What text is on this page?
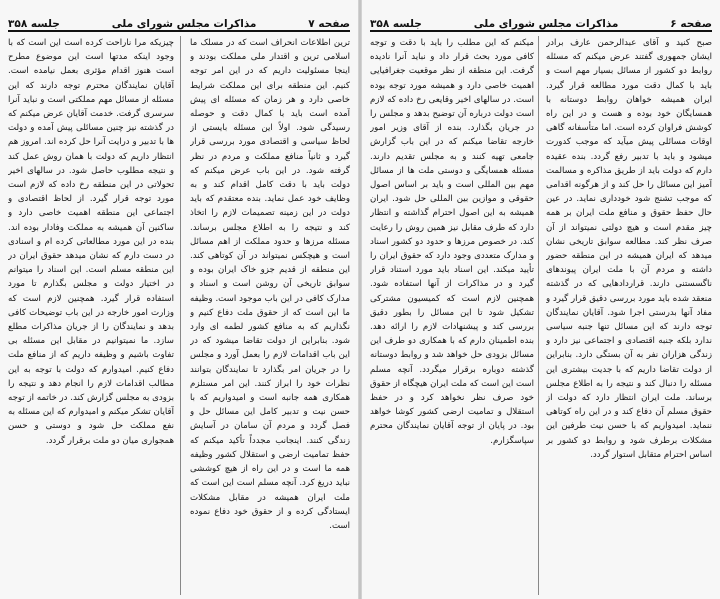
صفحه ۷
مذاکرات مجلس شورای ملی
جلسه ۳۵۸

ترین اطلاعات انحراف است که در مسلک ما اسلامی ترین و اقتدار ملی مملکت بودند و اینجا مسئولیت داریم که در این امر توجه کنیم. این منطقه برای این مملکت شرایط خاصی دارد و هر زمان که مسئله ای پیش آمده است باید با کمال دقت و حوصله رسیدگی شود. اولاً این مسئله بایستی از لحاظ سیاسی و اقتصادی مورد بررسی قرار گیرد و ثانیاً منافع مملکت و مردم در نظر گرفته شود. در این باب عرض میکنم که دولت باید با دقت کامل اقدام کند و به وظایف خود عمل نماید. بنده معتقدم که باید دولت در این زمینه تصمیمات لازم را اتخاذ کند و نتیجه را به اطلاع مجلس برساند. مسئله مرزها و حدود مملکت از اهم مسائل است و هیچکس نمیتواند در آن کوتاهی کند. این منطقه از قدیم جزو خاک ایران بوده و سوابق تاریخی آن روشن است و اسناد و مدارک کافی در این باب موجود است. وظیفه ما این است که از حقوق ملت دفاع کنیم و نگذاریم که به منافع کشور لطمه ای وارد شود. بنابراین از دولت تقاضا میشود که در این باب اقدامات لازم را بعمل آورد و مجلس را در جریان امر بگذارد تا نمایندگان بتوانند نظرات خود را ابراز کنند. این امر مستلزم همکاری همه جانبه است و امیدواریم که با حسن نیت و تدبیر کامل این مسائل حل و فصل گردد و مردم آن سامان در آسایش زندگی کنند. اینجانب مجدداً تأکید میکنم که حفظ تمامیت ارضی و استقلال کشور وظیفه همه ما است و در این راه از هیچ کوششی نباید دریغ کرد. آنچه مسلم است این است که ملت ایران همیشه در مقابل مشکلات ایستادگی کرده و از حقوق خود دفاع نموده است.

چیزیکه مرا ناراحت کرده است این است که با وجود اینکه مدتها است این موضوع مطرح است هنوز اقدام مؤثری بعمل نیامده است. آقایان نمایندگان محترم توجه دارند که این مسئله از مسائل مهم مملکتی است و نباید آنرا سرسری گرفت. خدمت آقایان عرض میکنم که در گذشته نیز چنین مسائلی پیش آمده و دولت ها با تدبیر و درایت آنرا حل کرده اند. امروز هم انتظار داریم که دولت با همان روش عمل کند و نتیجه مطلوب حاصل شود. در سالهای اخیر تحولاتی در این منطقه رخ داده که لازم است مورد توجه قرار گیرد. از لحاظ اقتصادی و اجتماعی این منطقه اهمیت خاصی دارد و ساکنین آن همیشه به مملکت وفادار بوده اند. بنده در این مورد مطالعاتی کرده ام و اسنادی در دست دارم که نشان میدهد حقوق ایران در این منطقه مسلم است. این اسناد را میتوانم در اختیار دولت و مجلس بگذارم تا مورد استفاده قرار گیرد. همچنین لازم است که وزارت امور خارجه در این باب توضیحات کافی بدهد و نمایندگان را از جریان مذاکرات مطلع سازد. ما نمیتوانیم در مقابل این مسئله بی تفاوت باشیم و وظیفه داریم که از منافع ملت دفاع کنیم. امیدوارم که دولت با توجه به این مطالب اقدامات لازم را انجام دهد و نتیجه را بزودی به مجلس گزارش کند. در خاتمه از توجه آقایان تشکر میکنم و امیدوارم که این مسئله به نفع مملکت حل شود و دوستی و حسن همجواری میان دو ملت برقرار گردد.

صفحه ۶
مذاکرات مجلس شورای ملی
جلسه ۳۵۸

صبح کنید و آقای عبدالرحمن عارف برادر ایشان جمهوری گفتند عرض میکنم که مسئله روابط دو کشور از مسائل بسیار مهم است و باید با کمال دقت مورد مطالعه قرار گیرد. ایران همیشه خواهان روابط دوستانه با همسایگان خود بوده و هست و در این راه کوشش فراوان کرده است. اما متأسفانه گاهی اوقات مسائلی پیش میآید که موجب کدورت میشود و باید با تدبیر رفع گردد. بنده عقیده دارم که دولت باید از طریق مذاکره و مسالمت آمیز این مسائل را حل کند و از هرگونه اقدامی که موجب تشنج شود خودداری نماید. در عین حال حفظ حقوق و منافع ملت ایران بر همه چیز مقدم است و هیچ دولتی نمیتواند از آن صرف نظر کند. مطالعه سوابق تاریخی نشان میدهد که ایران همیشه در این منطقه حضور داشته و مردم آن با ملت ایران پیوندهای ناگسستنی دارند. قراردادهایی که در گذشته منعقد شده باید مورد بررسی دقیق قرار گیرد و مفاد آنها بدرستی اجرا شود. آقایان نمایندگان توجه دارند که این مسائل تنها جنبه سیاسی ندارد بلکه جنبه اقتصادی و اجتماعی نیز دارد و زندگی هزاران نفر به آن بستگی دارد. بنابراین از دولت تقاضا داریم که با جدیت بیشتری این مسئله را دنبال کند و نتیجه را به اطلاع مجلس برساند. ملت ایران انتظار دارد که دولت از حقوق مسلم آن دفاع کند و در این راه کوتاهی ننماید. امیدواریم که با حسن نیت طرفین این مشکلات برطرف شود و روابط دو کشور بر اساس احترام متقابل استوار گردد.

میکنم که این مطلب را باید با دقت و توجه کافی مورد بحث قرار داد و نباید آنرا نادیده گرفت. این منطقه از نظر موقعیت جغرافیایی اهمیت خاصی دارد و همیشه مورد توجه بوده است. در سالهای اخیر وقایعی رخ داده که لازم است دولت درباره آن توضیح بدهد و مجلس را در جریان بگذارد. بنده از آقای وزیر امور خارجه تقاضا میکنم که در این باب گزارش جامعی تهیه کنند و به مجلس تقدیم دارند. مسئله همسایگی و دوستی ملت ها از مسائل مهم بین المللی است و باید بر اساس اصول حقوقی و موازین بین المللی حل شود. ایران همیشه به این اصول احترام گذاشته و انتظار دارد که طرف مقابل نیز همین روش را رعایت کند. در خصوص مرزها و حدود دو کشور اسناد و مدارک متعددی وجود دارد که حقوق ایران را تأیید میکند. این اسناد باید مورد استناد قرار گیرد و در مذاکرات از آنها استفاده شود. همچنین لازم است که کمیسیون مشترکی تشکیل شود تا این مسائل را بطور دقیق بررسی کند و پیشنهادات لازم را ارائه دهد. بنده اطمینان دارم که با همکاری دو طرف این مسائل بزودی حل خواهد شد و روابط دوستانه گذشته دوباره برقرار میگردد. آنچه مسلم است این است که ملت ایران هیچگاه از حقوق خود صرف نظر نخواهد کرد و در حفظ استقلال و تمامیت ارضی کشور کوشا خواهد بود. در پایان از توجه آقایان نمایندگان محترم سپاسگزارم.
